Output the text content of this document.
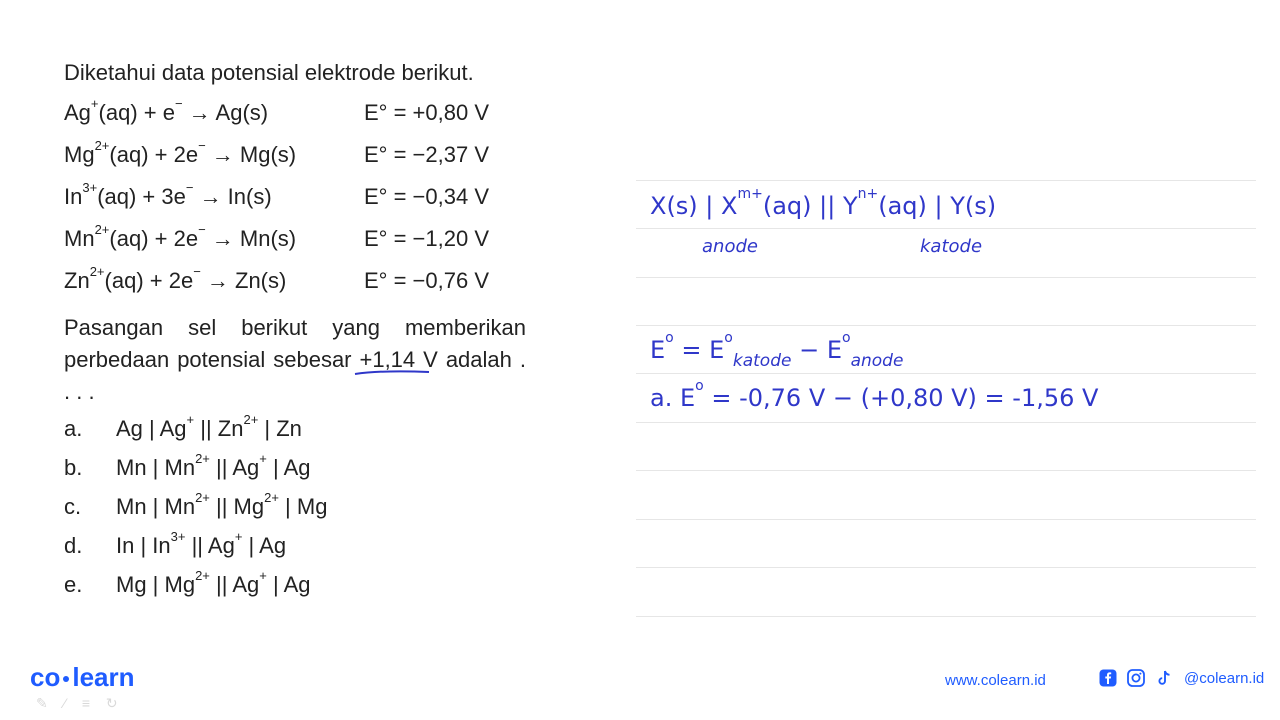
Diketahui data potensial elektrode berikut.
Ag+(aq) + e− → Ag(s)	E° = +0,80 V
$Mg^{2+}(aq) + 2e^- \to Mg(s)$	E° = −2,37 V
$In^{3+}(aq) + 3e^- \to In(s)$	E° = −0,34 V
$Mn^{2+}(aq) + 2e^- \to Mn(s)$	E° = −1,20 V
$Zn^{2+}(aq) + 2e^- \to Zn(s)$	E° = −0,76 V
Pasangan sel berikut yang memberikan perbedaan potensial sebesar +1,14 V adalah . . . .
a. Ag | Ag+ || $Zn^{2+}$ | Zn
b. Mn | $Mn^{2+}$ || Ag+ | Ag
c. Mn | $Mn^{2+}$ || $Mg^{2+}$ | Mg
d. In | $In^{3+}$ || Ag+ | Ag
e. Mg | $Mg^{2+}$ || Ag+ | Ag
X(s) | $X^{m+}(aq)$ || $Y^{n+}(aq)$ | Y(s)
anode	katode
$E^o = E^o_{katode} - E^o_{anode}$
a. $E^o = -0,76$ V − (+0,80 V) = -1,56 V
co learn
✎ ⁄ ≡ ↻
www.colearn.id	@colearn.id
